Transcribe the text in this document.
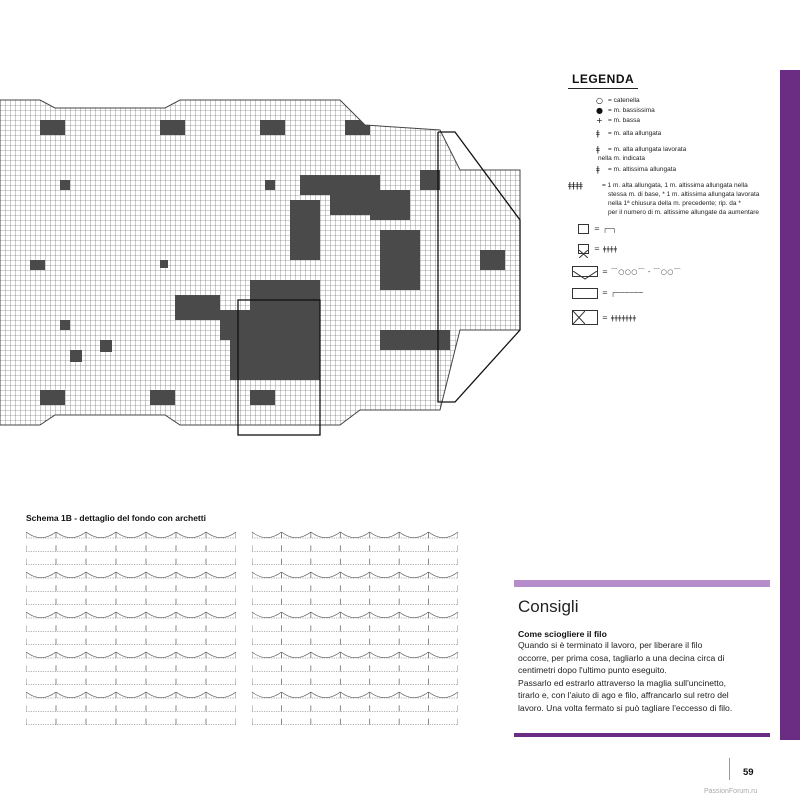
LEGENDA
○ = catenella
● = m. bassissima
+ = m. bassa
ǂ = m. alta allungata
ǂ = m. alta allungata lavorata
nella m. indicata
ǂ = m. altissima allungata
ǂǂǂǂ	= 1 m. alta allungata, 1 m. altissima allungata nella
stessa m. di base, * 1 m. altissima allungata lavorata
nella 1ª chiusura della m. precedente; rip. da *
per il numero di m. altissime allungate da aumentare
= ┌─┐
= ǂǂǂǂ
= ⌒○○○⌒ - ⌒○○⌒
= ┌──────
= ǂǂǂǂǂǂǂ
Schema 1B - dettaglio del fondo con archetti
Consigli
Come sciogliere il filo
Quando si è terminato il lavoro, per liberare il filo
occorre, per prima cosa, tagliarlo a una decina circa di
centimetri dopo l'ultimo punto eseguito.
Passarlo ed estrarlo attraverso la maglia sull'uncinetto,
tirarlo e, con l'aiuto di ago e filo, affrancarlo sul retro del
lavoro. Una volta fermato si può tagliare l'eccesso di filo.
59
PassionForum.ru
